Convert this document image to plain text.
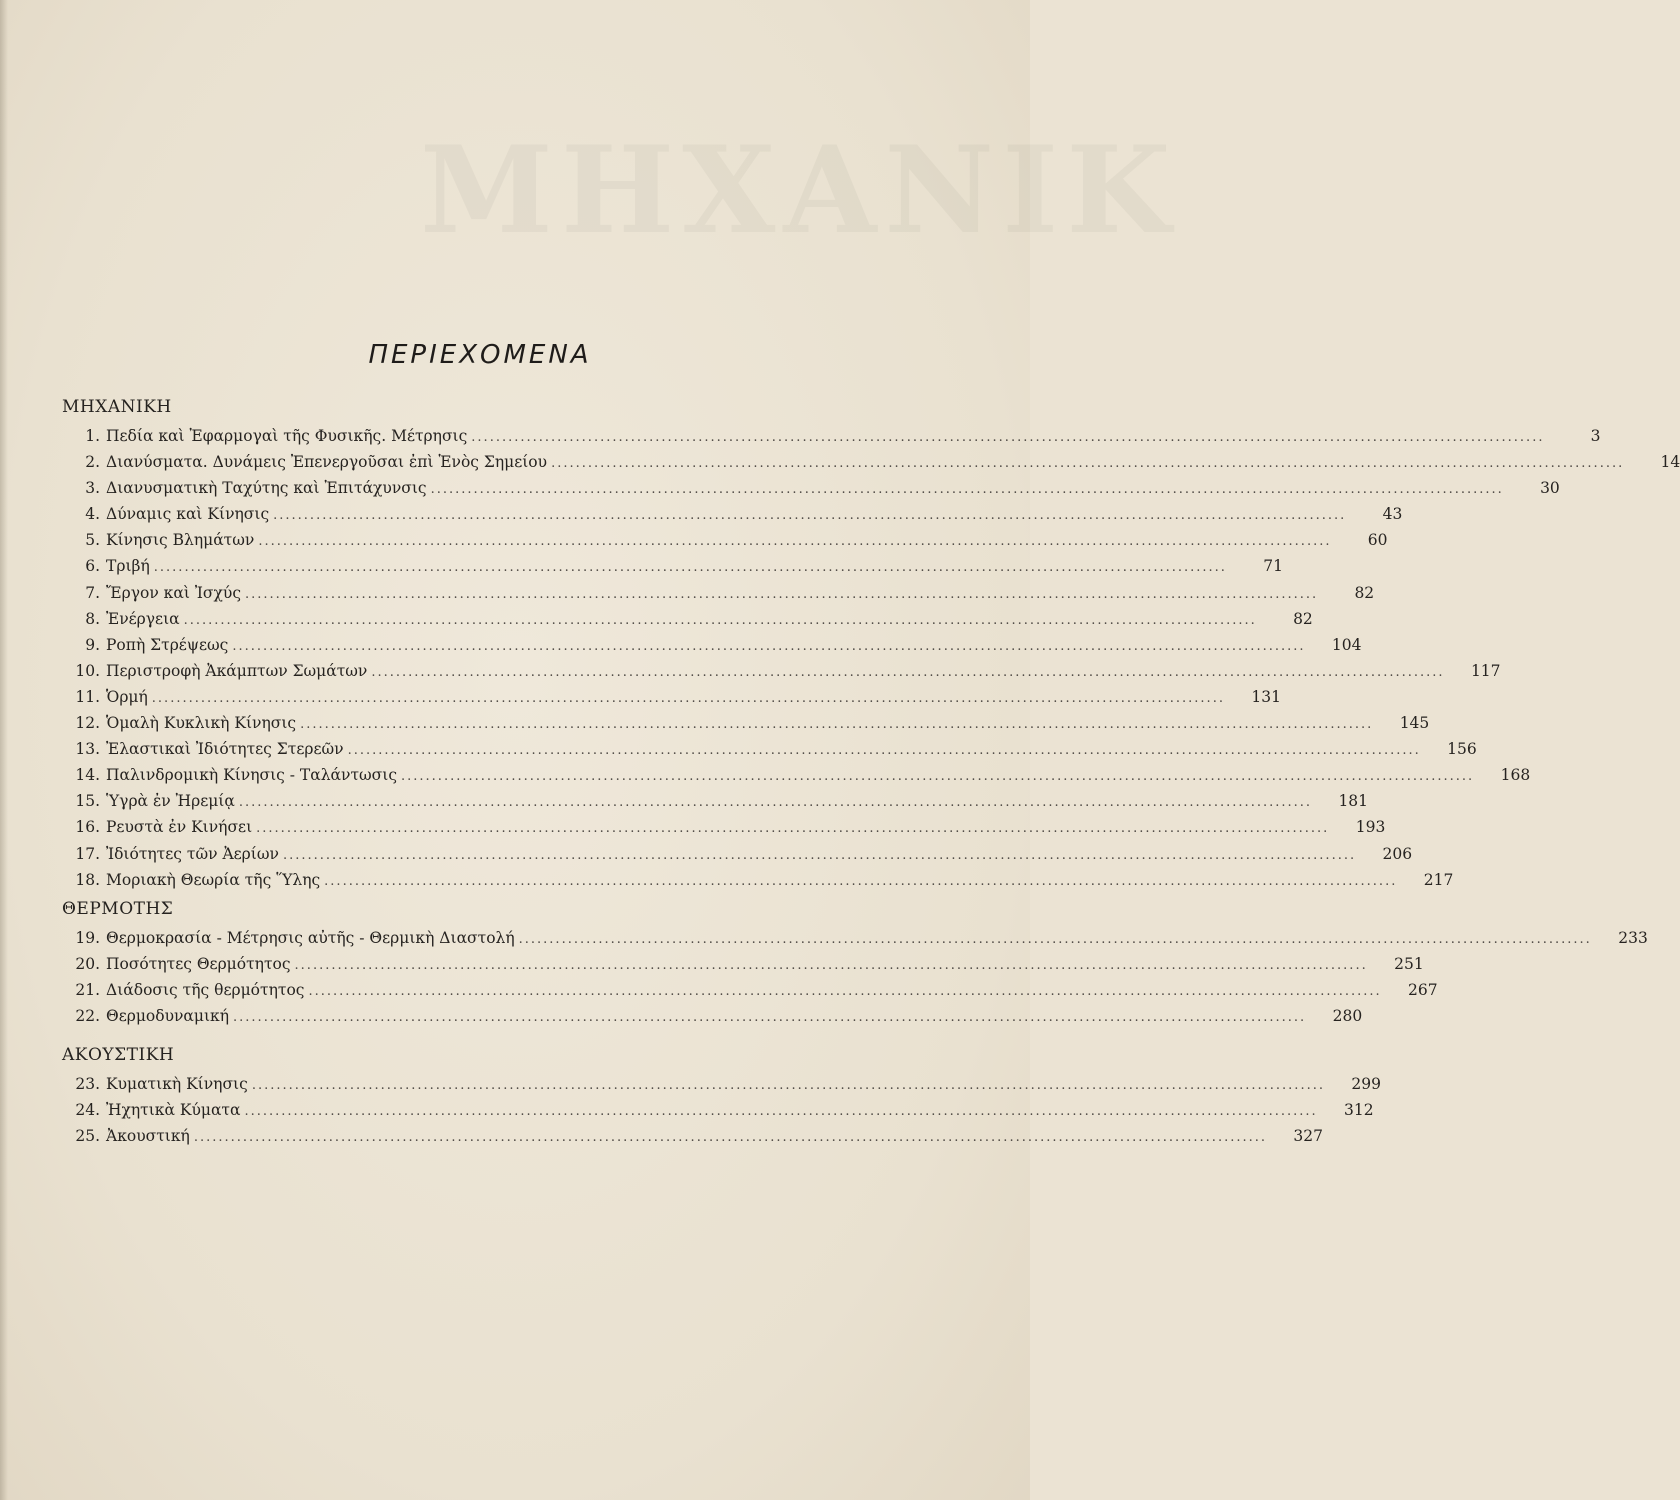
ΜΗΧΑΝΙΚ
ΠΕΡΙΕΧΟΜΕΝΑ
ΜΗΧΑΝΙΚΗ
1. Πεδία καὶ Ἐφαρμογαὶ τῆς Φυσικῆς. Μέτρησις .....	3
2. Διανύσματα. Δυνάμεις Ἐπενεργοῦσαι ἐπὶ Ἑνὸς Σημείου .....	14
3. Διανυσματικὴ Ταχύτης καὶ Ἐπιτάχυνσις .....	30
4. Δύναμις καὶ Κίνησις .....	43
5. Κίνησις Βλημάτων .....	60
6. Τριβή .....	71
7. Ἔργον καὶ Ἰσχύς .....	82
8. Ἐνέργεια .....	82
9. Ροπὴ Στρέψεως .....	104
10. Περιστροφὴ Ἀκάμπτων Σωμάτων .....	117
11. Ὁρμή .....	131
12. Ὁμαλὴ Κυκλικὴ Κίνησις .....	145
13. Ἐλαστικαὶ Ἰδιότητες Στερεῶν .....	156
14. Παλινδρομικὴ Κίνησις - Ταλάντωσις .....	168
15. Ὑγρὰ ἐν Ἠρεμίᾳ .....	181
16. Ρευστὰ ἐν Κινήσει .....	193
17. Ἰδιότητες τῶν Ἀερίων .....	206
18. Μοριακὴ Θεωρία τῆς Ὕλης .....	217
ΘΕΡΜΟΤΗΣ
19. Θερμοκρασία - Μέτρησις αὐτῆς - Θερμικὴ Διαστολή .....	233
20. Ποσότητες Θερμότητος .....	251
21. Διάδοσις τῆς θερμότητος .....	267
22. Θερμοδυναμική .....	280
ΑΚΟΥΣΤΙΚΗ
23. Κυματικὴ Κίνησις .....	299
24. Ἠχητικὰ Κύματα .....	312
25. Ἀκουστική .....	327
